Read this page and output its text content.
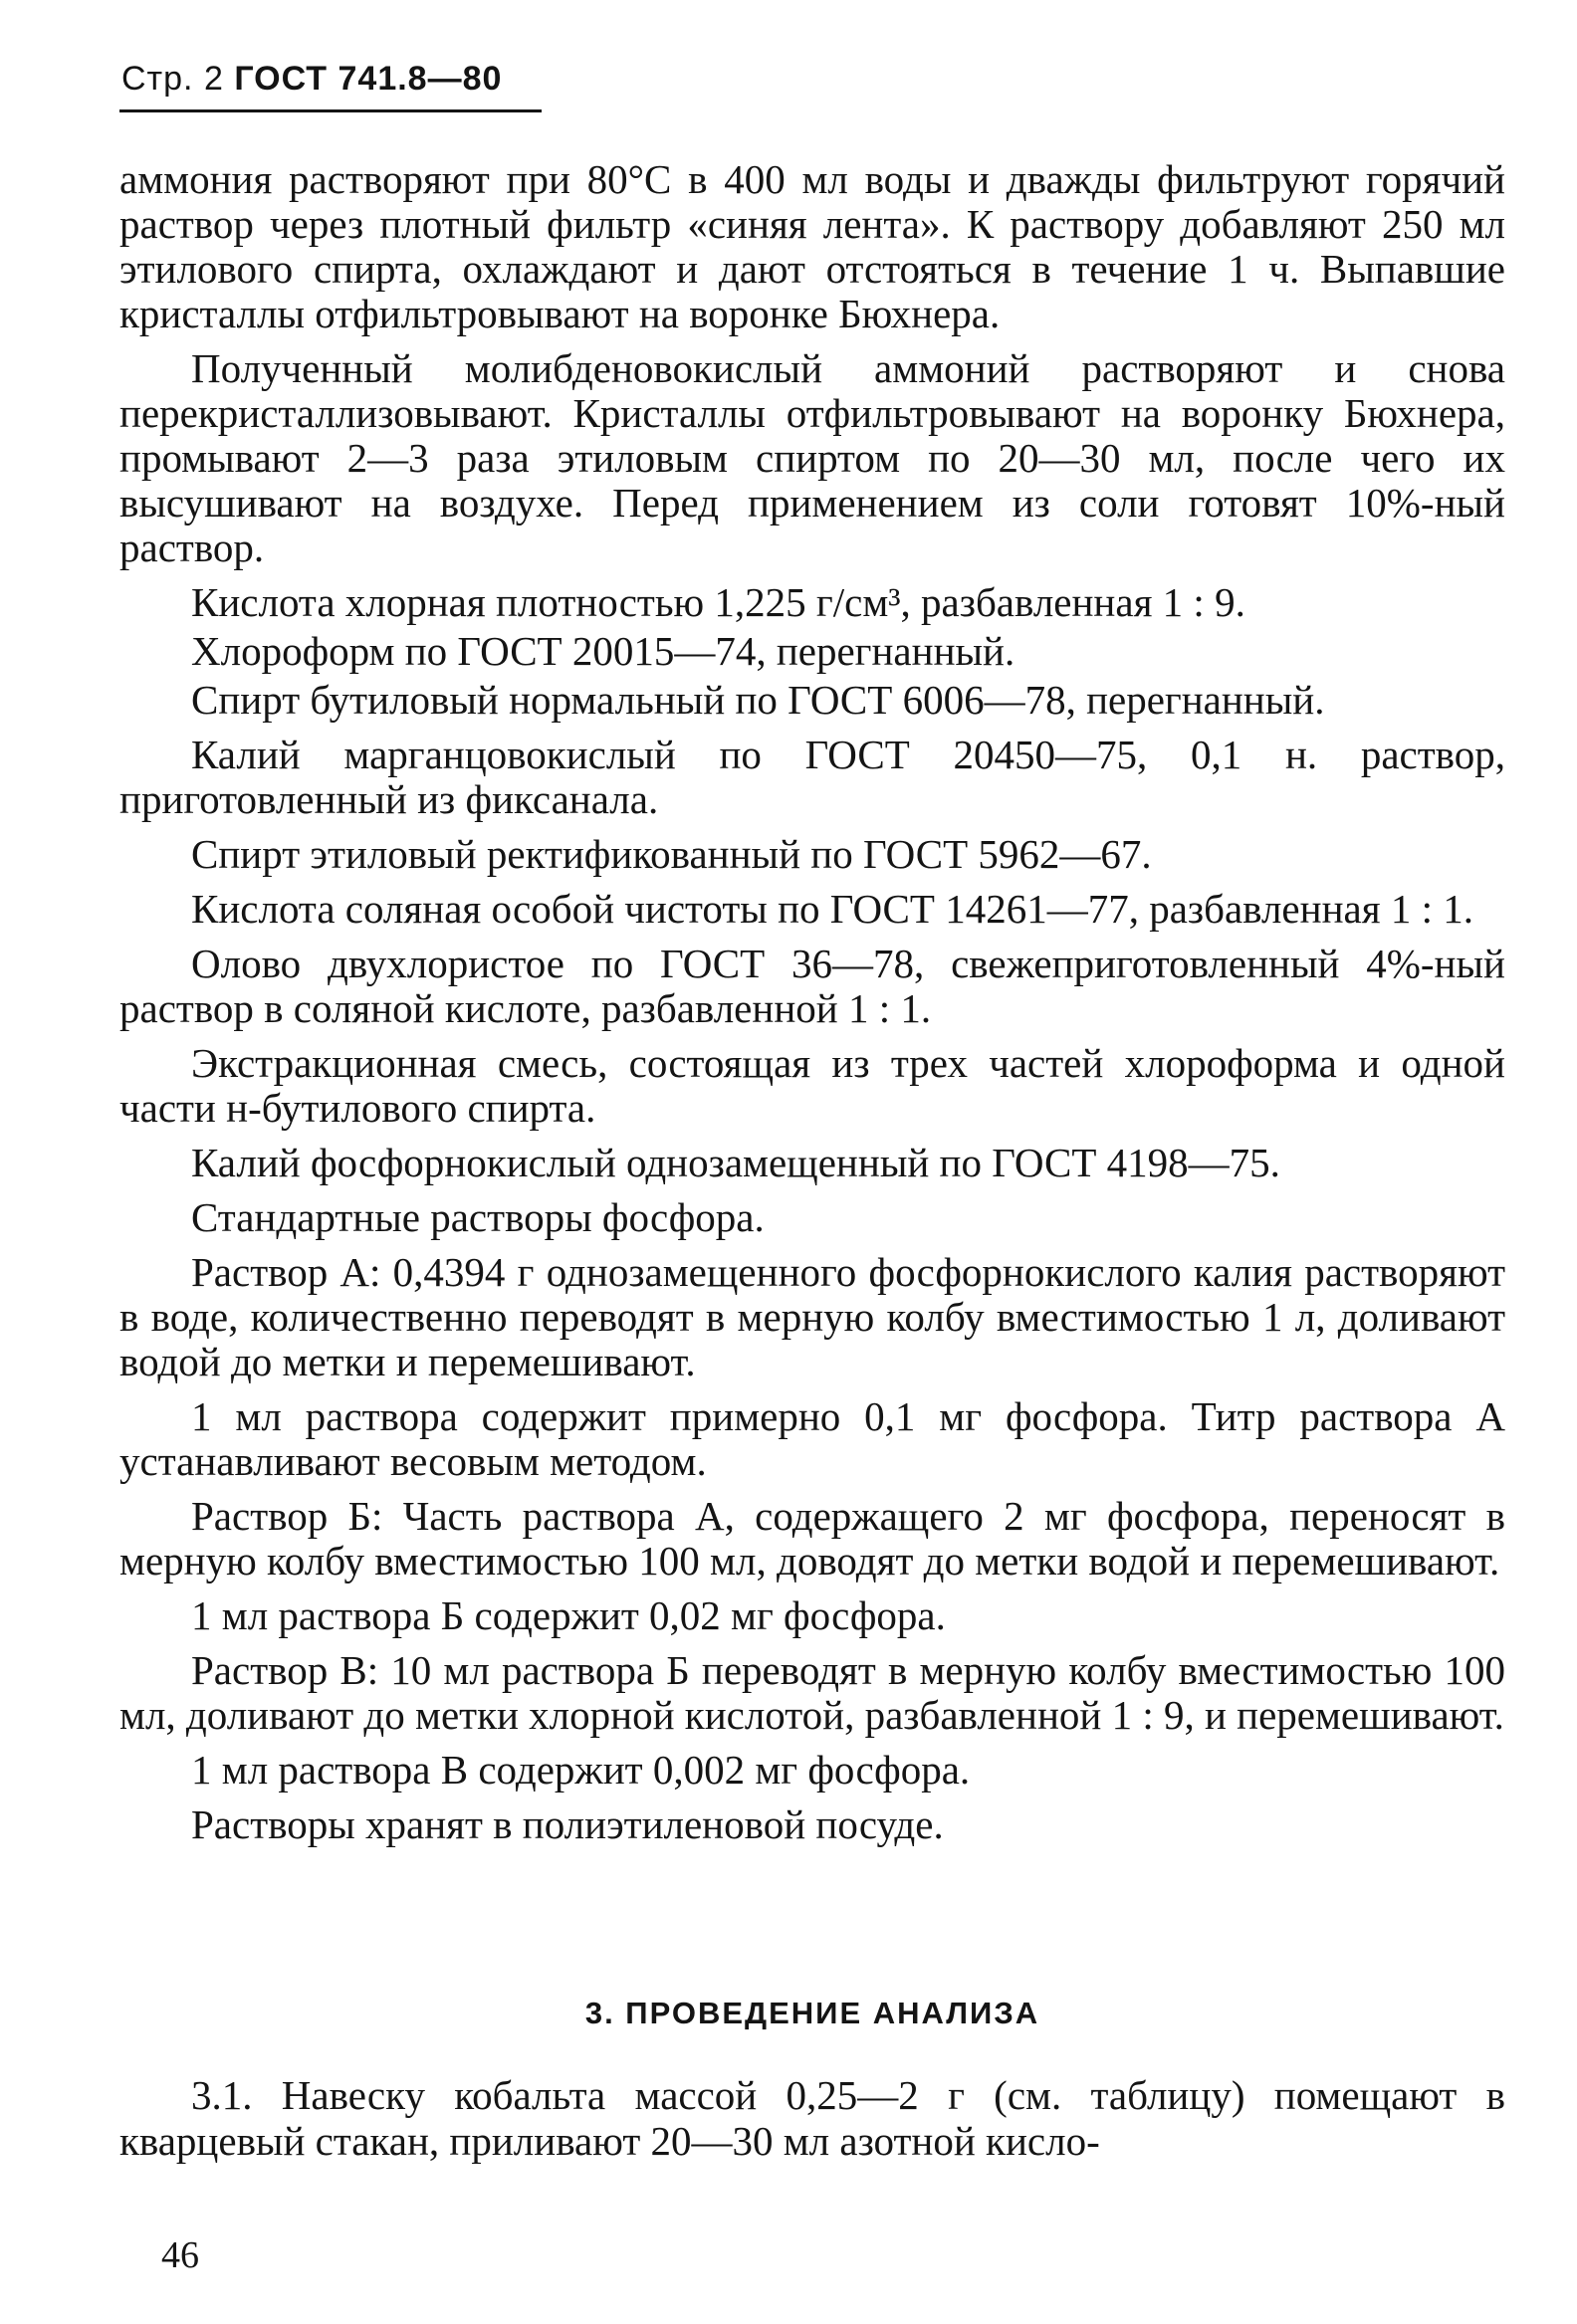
Стр. 2 ГОСТ 741.8—80

аммония растворяют при 80°С в 400 мл воды и дважды фильтруют горячий раствор через плотный фильтр «синяя лента». К раствору добавляют 250 мл этилового спирта, охлаждают и дают отстояться в течение 1 ч. Выпавшие кристаллы отфильтровывают на воронке Бюхнера.

Полученный молибденовокислый аммоний растворяют и снова перекристаллизовывают. Кристаллы отфильтровывают на воронку Бюхнера, промывают 2—3 раза этиловым спиртом по 20—30 мл, после чего их высушивают на воздухе. Перед применением из соли готовят 10%-ный раствор.

Кислота хлорная плотностью 1,225 г/см³, разбавленная 1 : 9.

Хлороформ по ГОСТ 20015—74, перегнанный.

Спирт бутиловый нормальный по ГОСТ 6006—78, перегнанный.

Калий марганцовокислый по ГОСТ 20450—75, 0,1 н. раствор, приготовленный из фиксанала.

Спирт этиловый ректификованный по ГОСТ 5962—67.

Кислота соляная особой чистоты по ГОСТ 14261—77, разбавленная 1 : 1.

Олово двухлористое по ГОСТ 36—78, свежеприготовленный 4%-ный раствор в соляной кислоте, разбавленной 1 : 1.

Экстракционная смесь, состоящая из трех частей хлороформа и одной части н-бутилового спирта.

Калий фосфорнокислый однозамещенный по ГОСТ 4198—75.

Стандартные растворы фосфора.

Раствор А: 0,4394 г однозамещенного фосфорнокислого калия растворяют в воде, количественно переводят в мерную колбу вместимостью 1 л, доливают водой до метки и перемешивают.

1 мл раствора содержит примерно 0,1 мг фосфора. Титр раствора А устанавливают весовым методом.

Раствор Б: Часть раствора А, содержащего 2 мг фосфора, переносят в мерную колбу вместимостью 100 мл, доводят до метки водой и перемешивают.

1 мл раствора Б содержит 0,02 мг фосфора.

Раствор В: 10 мл раствора Б переводят в мерную колбу вместимостью 100 мл, доливают до метки хлорной кислотой, разбавленной 1 : 9, и перемешивают.

1 мл раствора В содержит 0,002 мг фосфора.

Растворы хранят в полиэтиленовой посуде.

3. ПРОВЕДЕНИЕ АНАЛИЗА

3.1. Навеску кобальта массой 0,25—2 г (см. таблицу) помещают в кварцевый стакан, приливают 20—30 мл азотной кисло-

46
